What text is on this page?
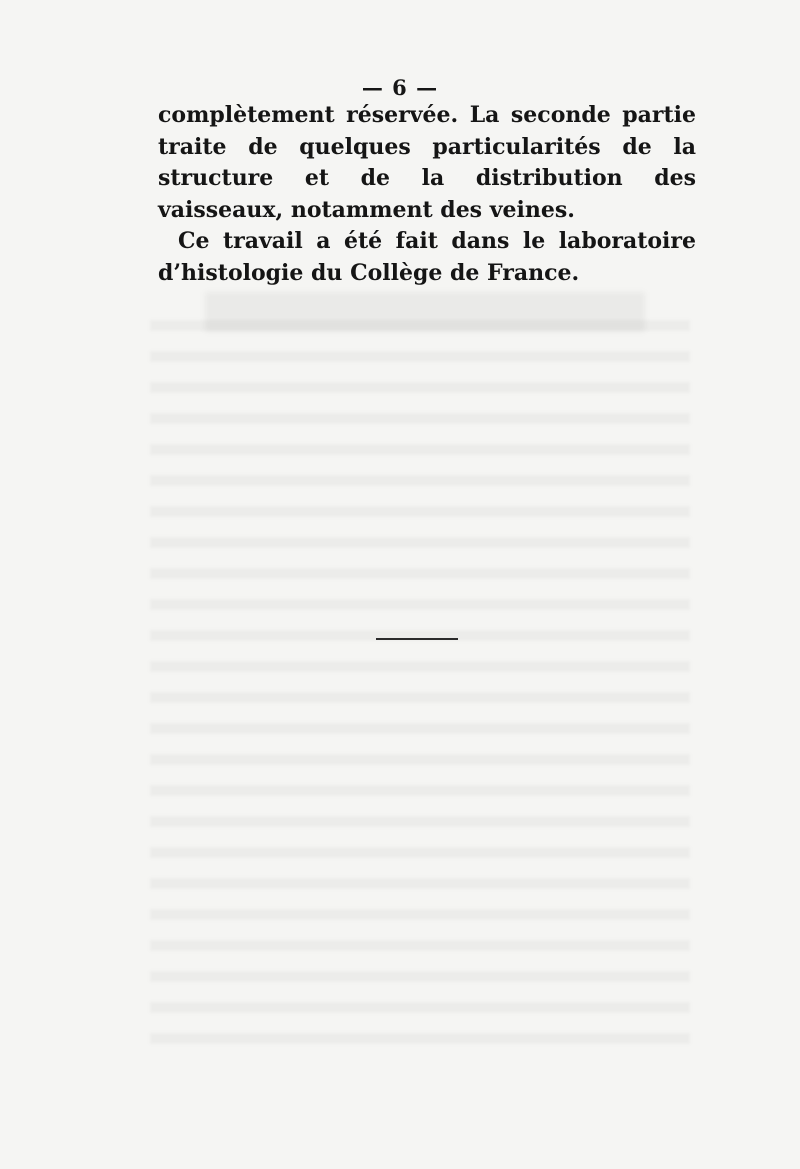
— 6 —

complètement réservée. La seconde partie traite de quelques particularités de la structure et de la distribution des vaisseaux, notamment des veines.

Ce travail a été fait dans le laboratoire d’histologie du Collège de France.
